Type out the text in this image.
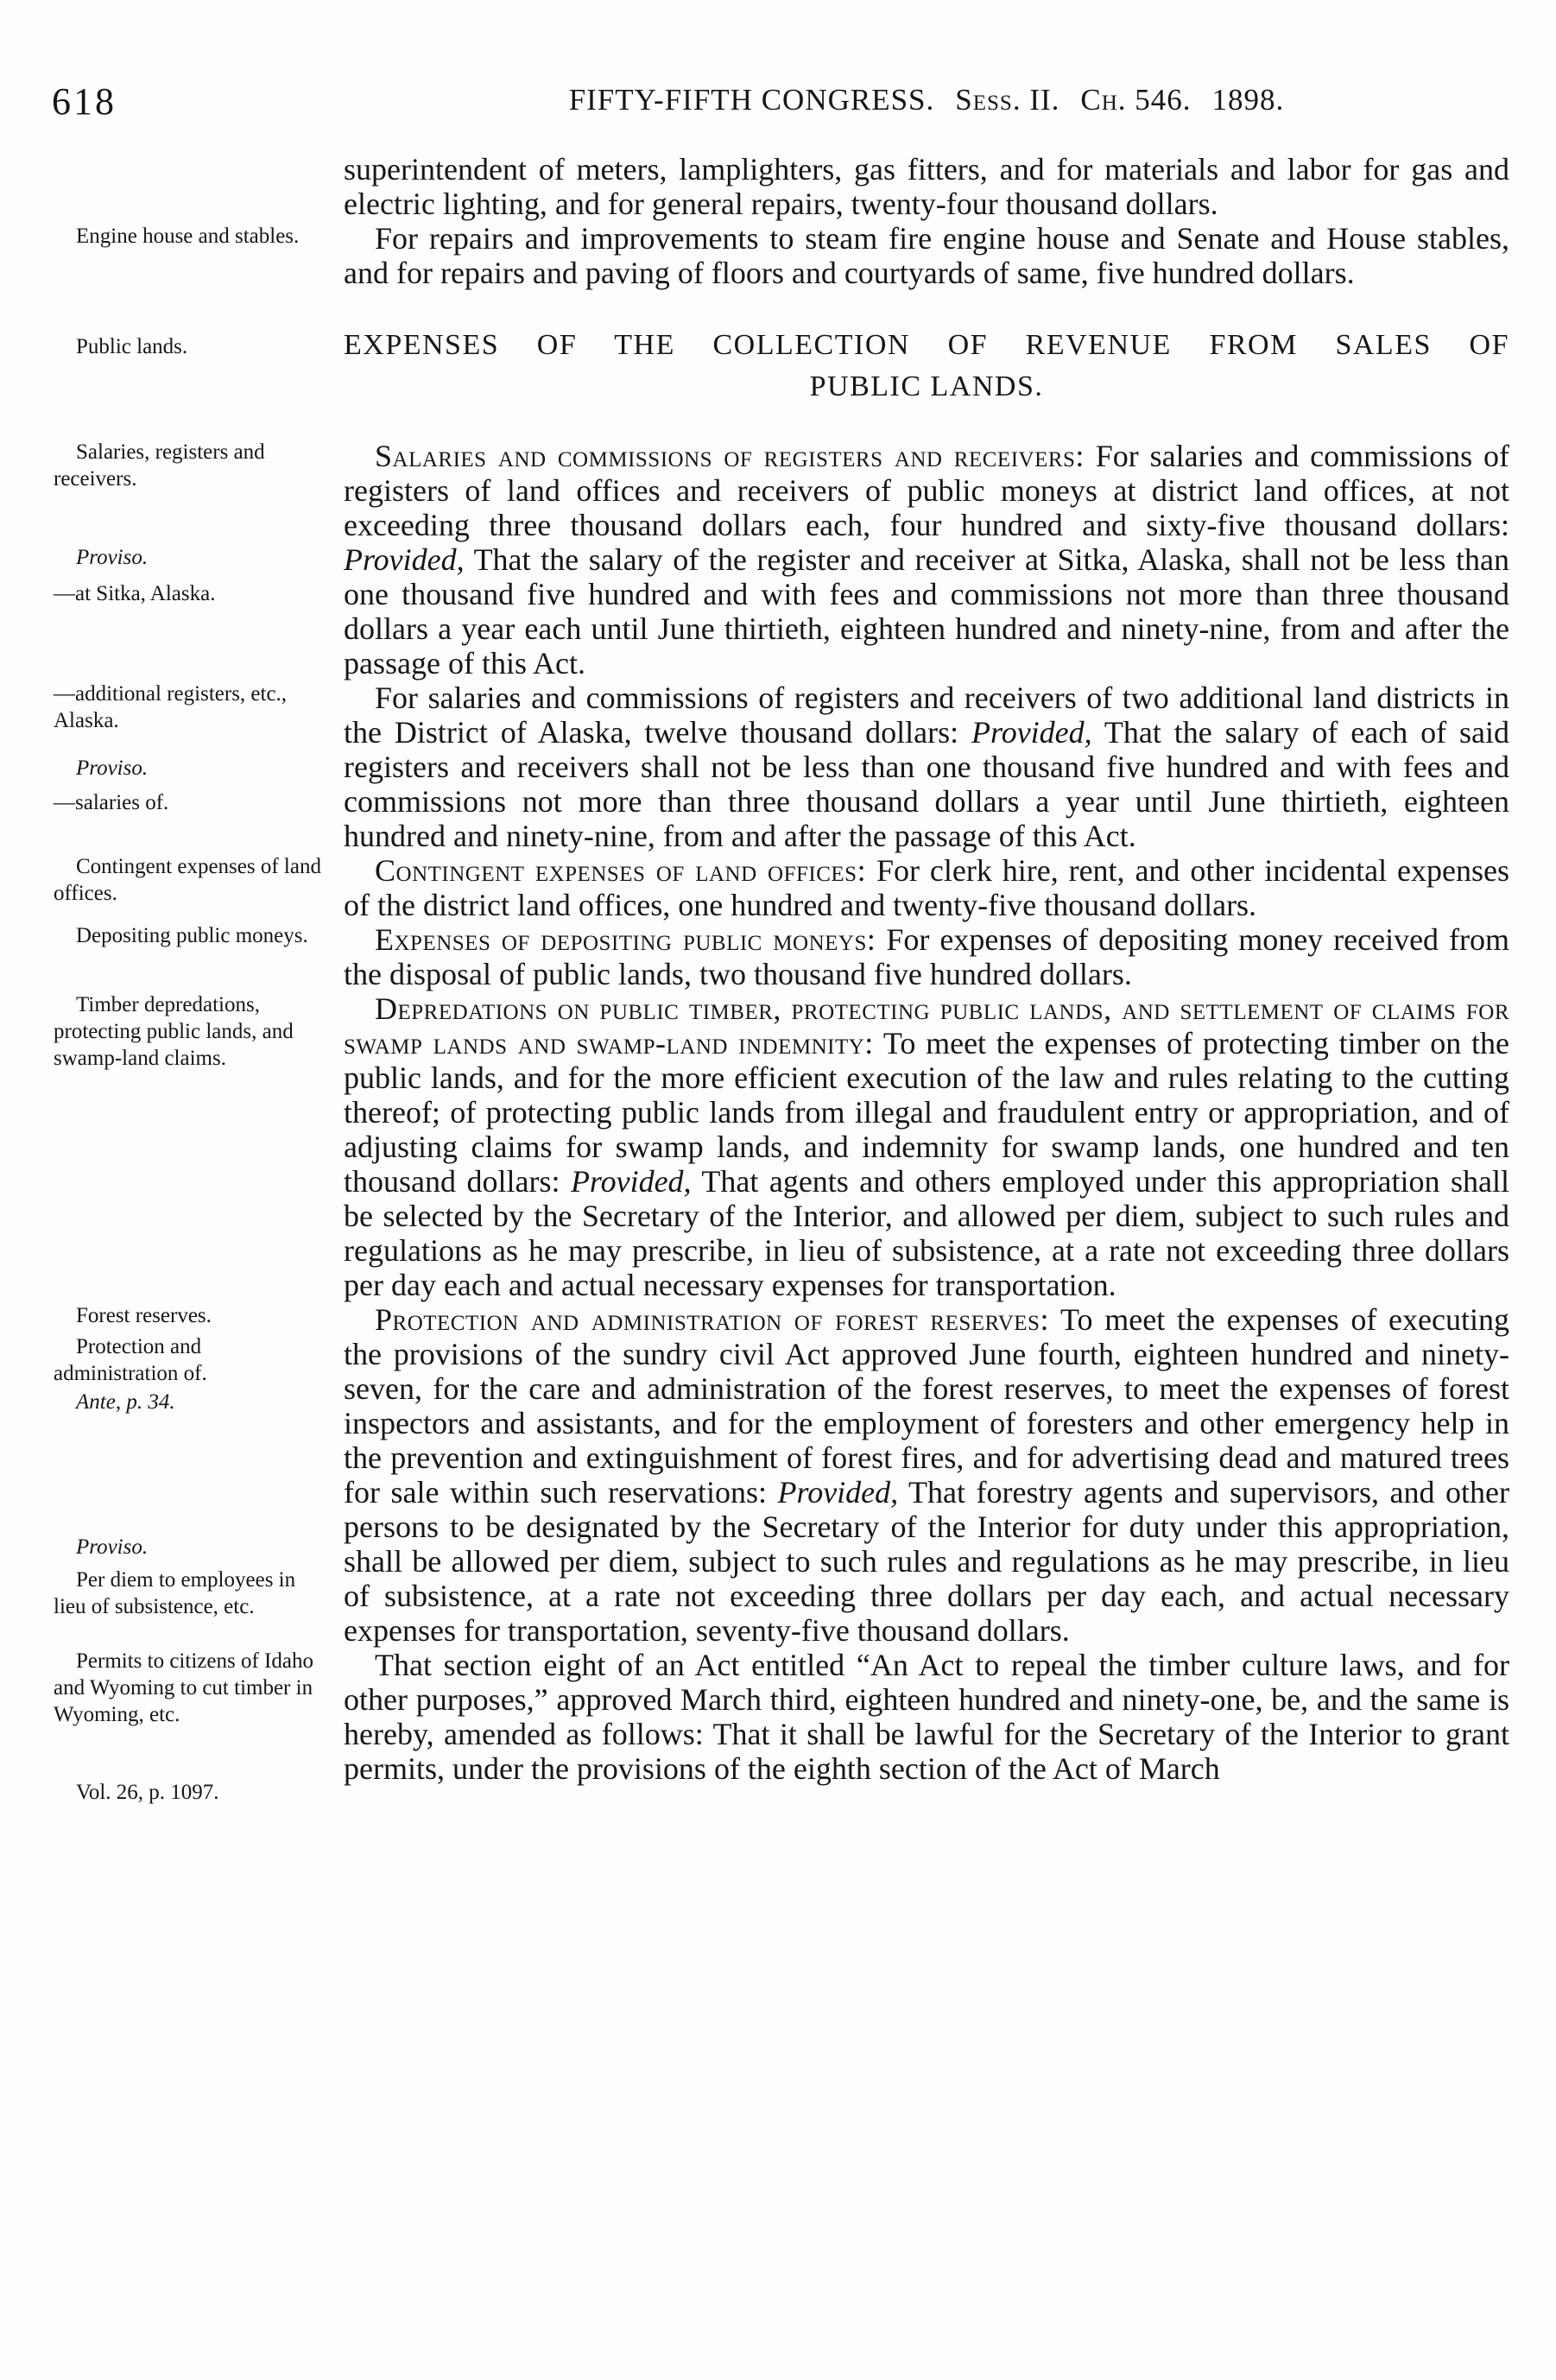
618	FIFTY-FIFTH CONGRESS. Sess. II. Ch. 546. 1898.

superintendent of meters, lamplighters, gas fitters, and for materials and labor for gas and electric lighting, and for general repairs, twenty-four thousand dollars.

Engine house and stables.	For repairs and improvements to steam fire engine house and Senate and House stables, and for repairs and paving of floors and courtyards of same, five hundred dollars.

Public lands.	EXPENSES OF THE COLLECTION OF REVENUE FROM SALES OF
PUBLIC LANDS.
Salaries, registers and receivers.
Proviso.
—at Sitka, Alaska.

Salaries and commissions of registers and receivers: For salaries and commissions of registers of land offices and receivers of public moneys at district land offices, at not exceeding three thousand dollars each, four hundred and sixty-five thousand dollars: Provided, That the salary of the register and receiver at Sitka, Alaska, shall not be less than one thousand five hundred and with fees and commissions not more than three thousand dollars a year each until June thirtieth, eighteen hundred and ninety-nine, from and after the passage of this Act.

—additional registers, etc., Alaska.
Proviso.
—salaries of.

For salaries and commissions of registers and receivers of two additional land districts in the District of Alaska, twelve thousand dollars: Provided, That the salary of each of said registers and receivers shall not be less than one thousand five hundred and with fees and commissions not more than three thousand dollars a year until June thirtieth, eighteen hundred and ninety-nine, from and after the passage of this Act.

Contingent expenses of land offices.

Contingent expenses of land offices: For clerk hire, rent, and other incidental expenses of the district land offices, one hundred and twenty-five thousand dollars.

Depositing public moneys.	Expenses of depositing public moneys: For expenses of depositing money received from the disposal of public lands, two thousand five hundred dollars.

Timber depredations, protecting public lands, and swamp-land claims.

Depredations on public timber, protecting public lands, and settlement of claims for swamp lands and swamp-land indemnity: To meet the expenses of protecting timber on the public lands, and for the more efficient execution of the law and rules relating to the cutting thereof; of protecting public lands from illegal and fraudulent entry or appropriation, and of adjusting claims for swamp lands, and indemnity for swamp lands, one hundred and ten thousand dollars: Provided, That agents and others employed under this appropriation shall be selected by the Secretary of the Interior, and allowed per diem, subject to such rules and regulations as he may prescribe, in lieu of subsistence, at a rate not exceeding three dollars per day each and actual necessary expenses for transportation.

Forest reserves.
Protection and administration of.
Ante, p. 34.
Proviso.
Per diem to employees in lieu of subsistence, etc.

Protection and administration of forest reserves: To meet the expenses of executing the provisions of the sundry civil Act approved June fourth, eighteen hundred and ninety-seven, for the care and administration of the forest reserves, to meet the expenses of forest inspectors and assistants, and for the employment of foresters and other emergency help in the prevention and extinguishment of forest fires, and for advertising dead and matured trees for sale within such reservations: Provided, That forestry agents and supervisors, and other persons to be designated by the Secretary of the Interior for duty under this appropriation, shall be allowed per diem, subject to such rules and regulations as he may prescribe, in lieu of subsistence, at a rate not exceeding three dollars per day each, and actual necessary expenses for transportation, seventy-five thousand dollars.

Permits to citizens of Idaho and Wyoming to cut timber in Wyoming, etc.
Vol. 26, p. 1097.

That section eight of an Act entitled “An Act to repeal the timber culture laws, and for other purposes,” approved March third, eighteen hundred and ninety-one, be, and the same is hereby, amended as follows: That it shall be lawful for the Secretary of the Interior to grant permits, under the provisions of the eighth section of the Act of March
